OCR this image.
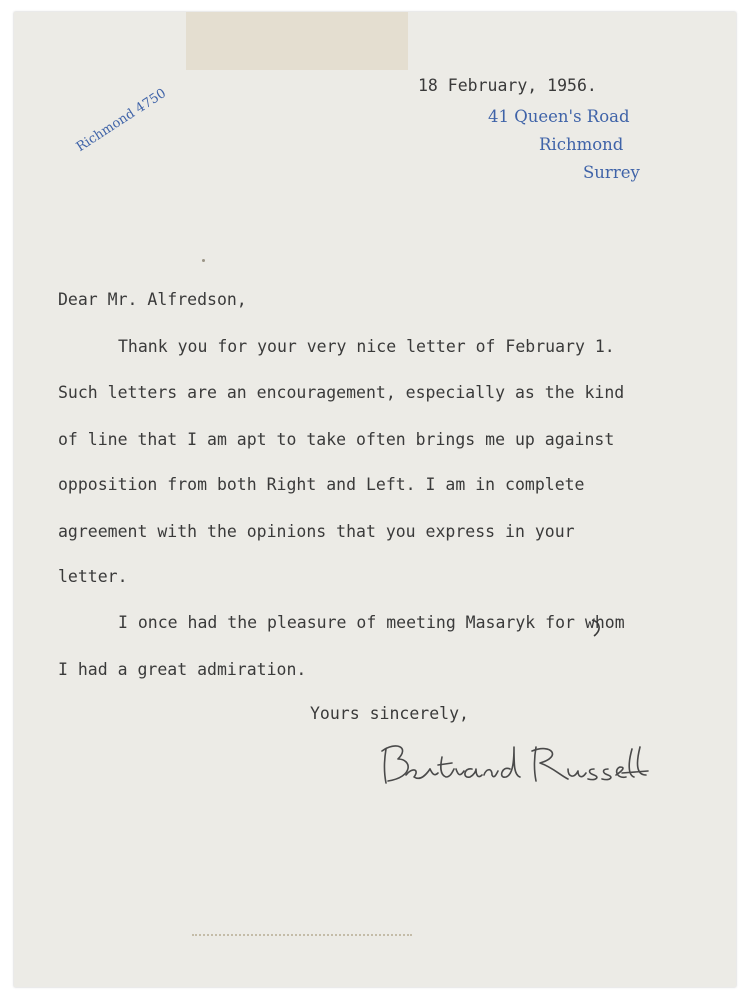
18 February, 1956.
Richmond 4750	41 Queen's Road
Richmond
Surrey
Dear Mr. Alfredson,
Thank you for your very nice letter of February 1.
Such letters are an encouragement, especially as the kind
of line that I am apt to take often brings me up against
opposition from both Right and Left. I am in complete
agreement with the opinions that you express in your
letter.
I once had the pleasure of meeting Masaryk for whom
I had a great admiration.
Yours sincerely,
